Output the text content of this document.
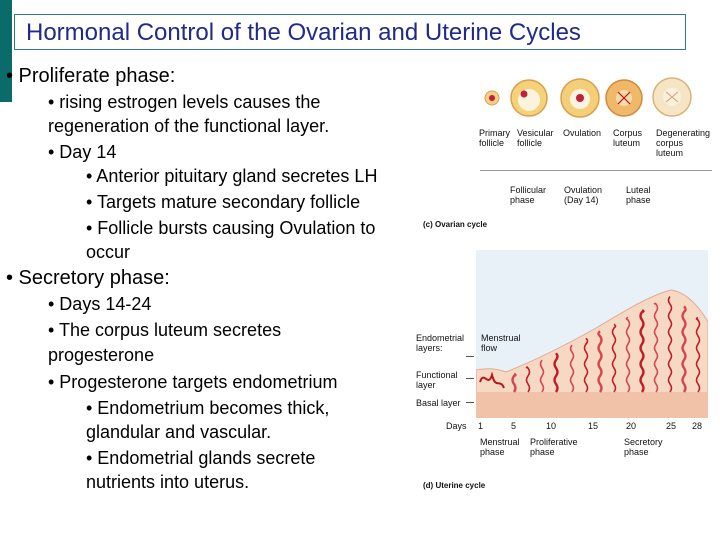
Hormonal Control of the Ovarian and Uterine Cycles
• Proliferate phase:
• rising estrogen levels causes the
regeneration of the functional layer.
• Day 14
• Anterior pituitary gland secretes LH
• Targets mature secondary follicle
• Follicle bursts causing Ovulation to
occur
• Secretory phase:
• Days 14-24
• The corpus luteum secretes
progesterone
• Progesterone targets endometrium
• Endometrium becomes thick,
glandular and vascular.
• Endometrial glands secrete
nutrients into uterus.
Primary follicle
Vesicular follicle
Ovulation Corpus luteum
Degenerating corpus luteum
Follicular phase
Ovulation (Day 14)
Luteal phase
(c) Ovarian cycle
Endometrial layers:
Functional layer
Basal layer
Menstrual flow
Days 1	5	10	15	20	25 28
Menstrual phase
Proliferative phase
Secretory phase
(d) Uterine cycle
